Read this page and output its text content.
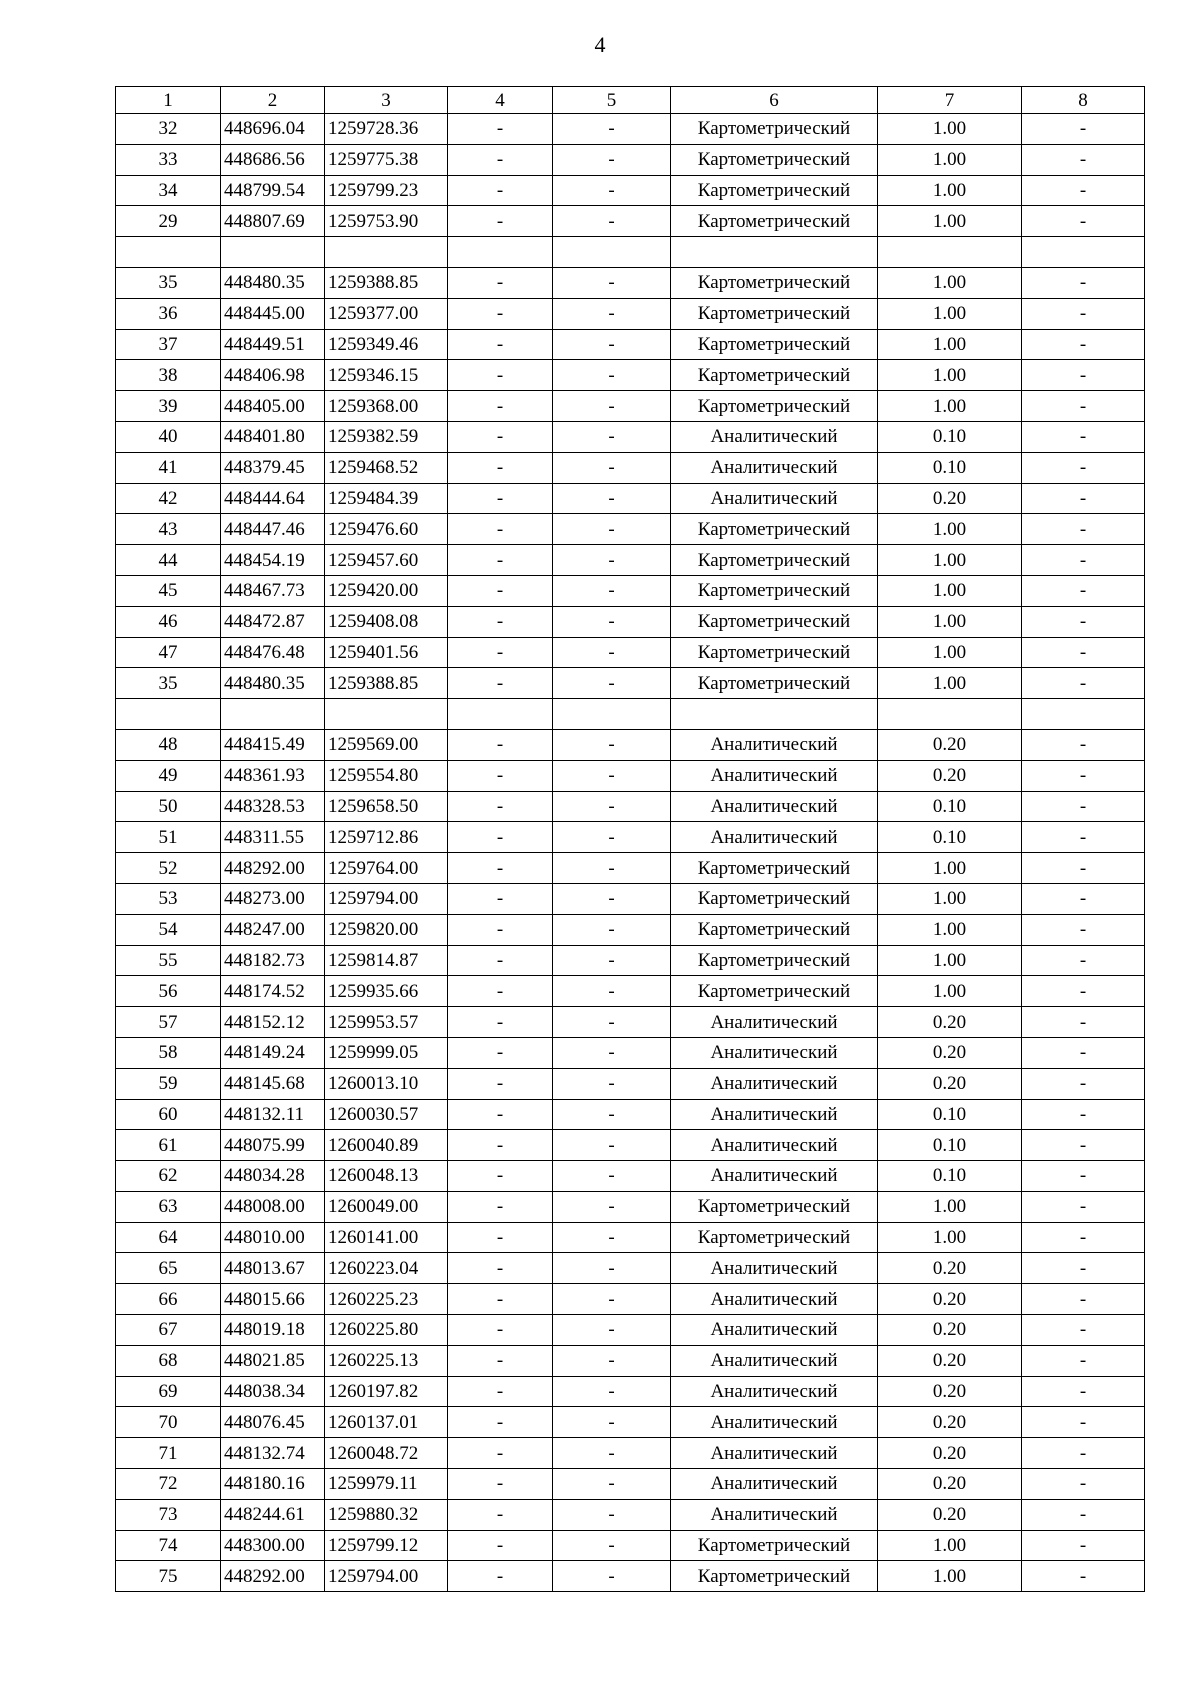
4
1	2	3	4	5	6	7	8
32	448696.04	1259728.36	-	-	Картометрический	1.00	-
33	448686.56	1259775.38	-	-	Картометрический	1.00	-
34	448799.54	1259799.23	-	-	Картометрический	1.00	-
29	448807.69	1259753.90	-	-	Картометрический	1.00	-

35	448480.35	1259388.85	-	-	Картометрический	1.00	-
36	448445.00	1259377.00	-	-	Картометрический	1.00	-
37	448449.51	1259349.46	-	-	Картометрический	1.00	-
38	448406.98	1259346.15	-	-	Картометрический	1.00	-
39	448405.00	1259368.00	-	-	Картометрический	1.00	-
40	448401.80	1259382.59	-	-	Аналитический	0.10	-
41	448379.45	1259468.52	-	-	Аналитический	0.10	-
42	448444.64	1259484.39	-	-	Аналитический	0.20	-
43	448447.46	1259476.60	-	-	Картометрический	1.00	-
44	448454.19	1259457.60	-	-	Картометрический	1.00	-
45	448467.73	1259420.00	-	-	Картометрический	1.00	-
46	448472.87	1259408.08	-	-	Картометрический	1.00	-
47	448476.48	1259401.56	-	-	Картометрический	1.00	-
35	448480.35	1259388.85	-	-	Картометрический	1.00	-

48	448415.49	1259569.00	-	-	Аналитический	0.20	-
49	448361.93	1259554.80	-	-	Аналитический	0.20	-
50	448328.53	1259658.50	-	-	Аналитический	0.10	-
51	448311.55	1259712.86	-	-	Аналитический	0.10	-
52	448292.00	1259764.00	-	-	Картометрический	1.00	-
53	448273.00	1259794.00	-	-	Картометрический	1.00	-
54	448247.00	1259820.00	-	-	Картометрический	1.00	-
55	448182.73	1259814.87	-	-	Картометрический	1.00	-
56	448174.52	1259935.66	-	-	Картометрический	1.00	-
57	448152.12	1259953.57	-	-	Аналитический	0.20	-
58	448149.24	1259999.05	-	-	Аналитический	0.20	-
59	448145.68	1260013.10	-	-	Аналитический	0.20	-
60	448132.11	1260030.57	-	-	Аналитический	0.10	-
61	448075.99	1260040.89	-	-	Аналитический	0.10	-
62	448034.28	1260048.13	-	-	Аналитический	0.10	-
63	448008.00	1260049.00	-	-	Картометрический	1.00	-
64	448010.00	1260141.00	-	-	Картометрический	1.00	-
65	448013.67	1260223.04	-	-	Аналитический	0.20	-
66	448015.66	1260225.23	-	-	Аналитический	0.20	-
67	448019.18	1260225.80	-	-	Аналитический	0.20	-
68	448021.85	1260225.13	-	-	Аналитический	0.20	-
69	448038.34	1260197.82	-	-	Аналитический	0.20	-
70	448076.45	1260137.01	-	-	Аналитический	0.20	-
71	448132.74	1260048.72	-	-	Аналитический	0.20	-
72	448180.16	1259979.11	-	-	Аналитический	0.20	-
73	448244.61	1259880.32	-	-	Аналитический	0.20	-
74	448300.00	1259799.12	-	-	Картометрический	1.00	-
75	448292.00	1259794.00	-	-	Картометрический	1.00	-
